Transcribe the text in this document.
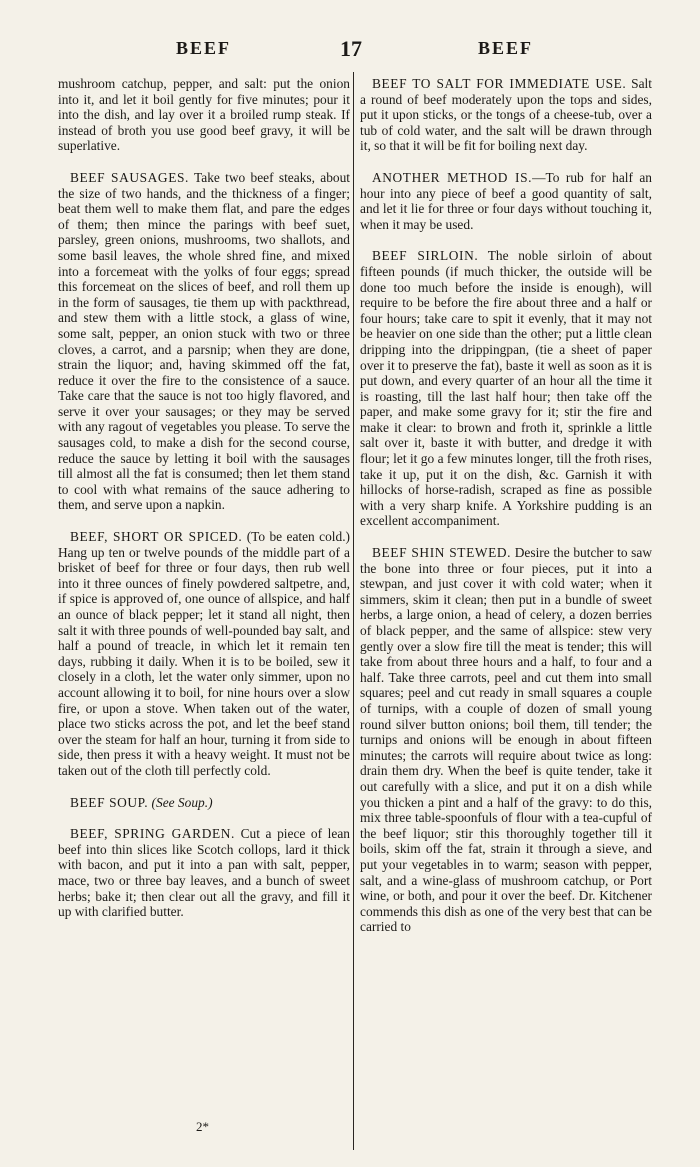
BEEF	17	BEEF

mushroom catchup, pepper, and salt: put the onion into it, and let it boil gently for five minutes; pour it into the dish, and lay over it a broiled rump steak. If instead of broth you use good beef gravy, it will be superlative.

BEEF SAUSAGES. Take two beef steaks, about the size of two hands, and the thickness of a finger; beat them well to make them flat, and pare the edges of them; then mince the parings with beef suet, parsley, green onions, mushrooms, two shallots, and some basil leaves, the whole shred fine, and mixed into a forcemeat with the yolks of four eggs; spread this forcemeat on the slices of beef, and roll them up in the form of sausages, tie them up with packthread, and stew them with a little stock, a glass of wine, some salt, pepper, an onion stuck with two or three cloves, a carrot, and a parsnip; when they are done, strain the liquor; and, having skimmed off the fat, reduce it over the fire to the consistence of a sauce. Take care that the sauce is not too higly flavored, and serve it over your sausages; or they may be served with any ragout of vegetables you please. To serve the sausages cold, to make a dish for the second course, reduce the sauce by letting it boil with the sausages till almost all the fat is consumed; then let them stand to cool with what remains of the sauce adhering to them, and serve upon a napkin.

BEEF, SHORT OR SPICED. (To be eaten cold.) Hang up ten or twelve pounds of the middle part of a brisket of beef for three or four days, then rub well into it three ounces of finely powdered saltpetre, and, if spice is approved of, one ounce of allspice, and half an ounce of black pepper; let it stand all night, then salt it with three pounds of well-pounded bay salt, and half a pound of treacle, in which let it remain ten days, rubbing it daily. When it is to be boiled, sew it closely in a cloth, let the water only simmer, upon no account allowing it to boil, for nine hours over a slow fire, or upon a stove. When taken out of the water, place two sticks across the pot, and let the beef stand over the steam for half an hour, turning it from side to side, then press it with a heavy weight. It must not be taken out of the cloth till perfectly cold.

BEEF SOUP. (See Soup.)

BEEF, SPRING GARDEN. Cut a piece of lean beef into thin slices like Scotch collops, lard it thick with bacon, and put it into a pan with salt, pepper, mace, two or three bay leaves, and a bunch of sweet herbs; bake it; then clear out all the gravy, and fill it up with clarified butter.

BEEF TO SALT FOR IMMEDIATE USE. Salt a round of beef moderately upon the tops and sides, put it upon sticks, or the tongs of a cheese-tub, over a tub of cold water, and the salt will be drawn through it, so that it will be fit for boiling next day.

ANOTHER METHOD IS.—To rub for half an hour into any piece of beef a good quantity of salt, and let it lie for three or four days without touching it, when it may be used.

BEEF SIRLOIN. The noble sirloin of about fifteen pounds (if much thicker, the outside will be done too much before the inside is enough), will require to be before the fire about three and a half or four hours; take care to spit it evenly, that it may not be heavier on one side than the other; put a little clean dripping into the drippingpan, (tie a sheet of paper over it to preserve the fat), baste it well as soon as it is put down, and every quarter of an hour all the time it is roasting, till the last half hour; then take off the paper, and make some gravy for it; stir the fire and make it clear: to brown and froth it, sprinkle a little salt over it, baste it with butter, and dredge it with flour; let it go a few minutes longer, till the froth rises, take it up, put it on the dish, &c. Garnish it with hillocks of horse-radish, scraped as fine as possible with a very sharp knife. A Yorkshire pudding is an excellent accompaniment.

BEEF SHIN STEWED. Desire the butcher to saw the bone into three or four pieces, put it into a stewpan, and just cover it with cold water; when it simmers, skim it clean; then put in a bundle of sweet herbs, a large onion, a head of celery, a dozen berries of black pepper, and the same of allspice: stew very gently over a slow fire till the meat is tender; this will take from about three hours and a half, to four and a half. Take three carrots, peel and cut them into small squares; peel and cut ready in small squares a couple of turnips, with a couple of dozen of small young round silver button onions; boil them, till tender; the turnips and onions will be enough in about fifteen minutes; the carrots will require about twice as long: drain them dry. When the beef is quite tender, take it out carefully with a slice, and put it on a dish while you thicken a pint and a half of the gravy: to do this, mix three table-spoonfuls of flour with a tea-cupful of the beef liquor; stir this thoroughly together till it boils, skim off the fat, strain it through a sieve, and put your vegetables in to warm; season with pepper, salt, and a wine-glass of mushroom catchup, or Port wine, or both, and pour it over the beef. Dr. Kitchener commends this dish as one of the very best that can be carried to

2*
